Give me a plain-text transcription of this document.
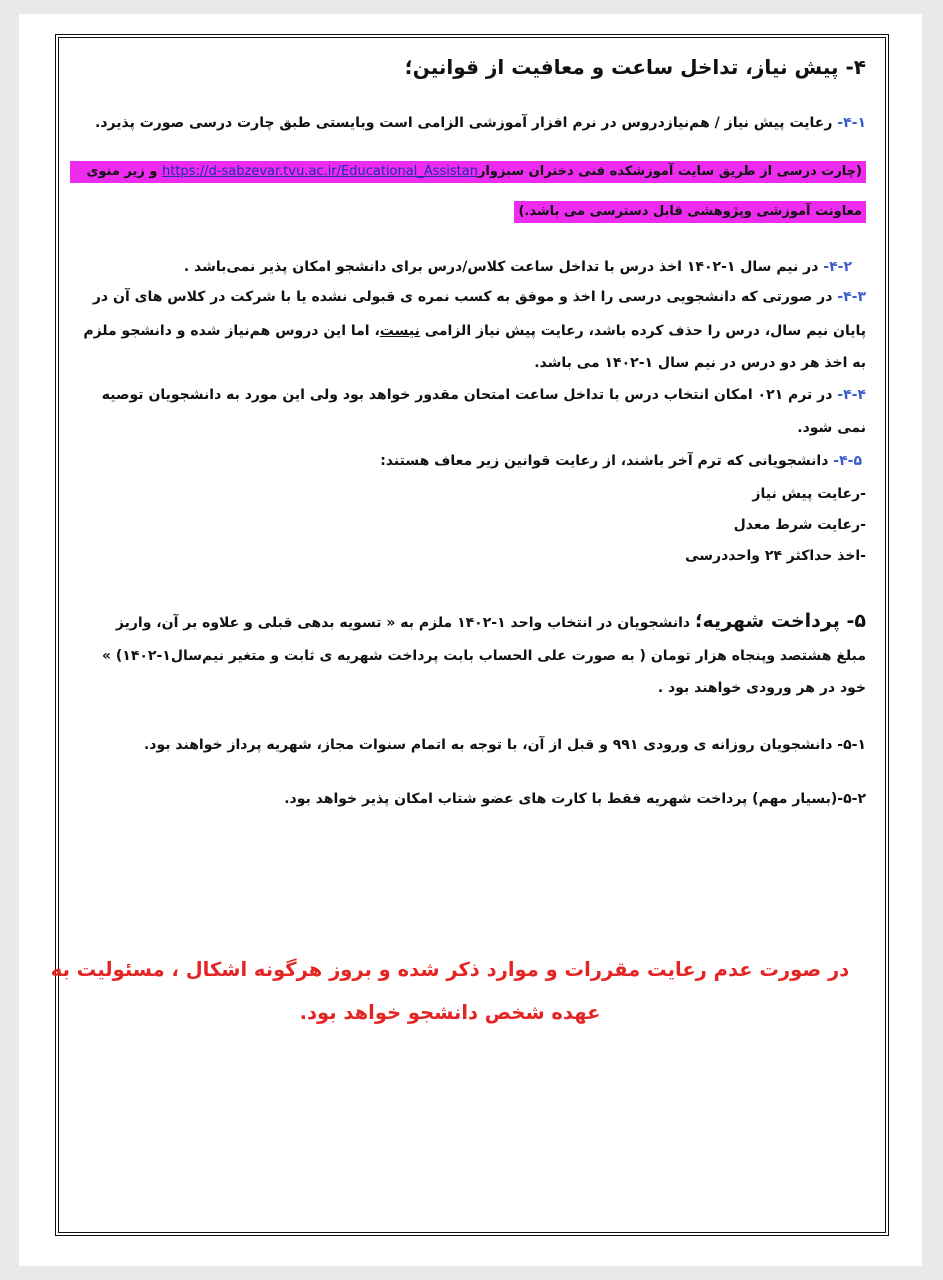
۴- پیش نیاز، تداخل ساعت و معافیت از قوانین؛
۴-۱- رعایت پیش نیاز / هم‌نیازدروس در نرم افزار آموزشی الزامی است وبایستی طبق چارت درسی صورت پذیرد.
(چارت درسی از طریق سایت آموزشکده فنی دختران سبزوارhttps://d-sabzevar.tvu.ac.ir/Educational_Assistan و زیر منوی
معاونت آموزشی وپژوهشی قابل دسترسی می باشد.)
۴-۲- در نیم سال ۱-۱۴۰۲ اخذ درس با تداخل ساعت کلاس/درس برای دانشجو امکان پذیر نمی‌باشد .
۴-۳- در صورتی که دانشجویی درسی را اخذ و موفق به کسب نمره ی قبولی نشده یا با شرکت در کلاس های آن در
پایان نیم سال، درس را حذف کرده باشد، رعایت پیش نیاز الزامی نیست، اما این دروس هم‌نیاز شده و دانشجو ملزم
به اخذ هر دو درس در نیم سال ۱-۱۴۰۲ می باشد.
۴-۴- در ترم ۰۲۱ امکان انتخاب درس با تداخل ساعت امتحان مقدور خواهد بود ولی این مورد به دانشجویان توصیه
نمی شود.
۴-۵- دانشجویانی که ترم آخر باشند، از رعایت قوانین زیر معاف هستند:
-رعایت پیش نیاز
-رعایت شرط معدل
-اخذ حداکثر ۲۴ واحددرسی
۵- پرداخت شهریه؛ دانشجویان در انتخاب واحد ۱-۱۴۰۲ ملزم به « تسویه بدهی قبلی و علاوه بر آن، واریز
مبلغ هشتصد وپنجاه هزار تومان ( به صورت علی الحساب بابت پرداخت شهریه ی ثابت و متغیر نیم‌سال۱-۱۴۰۲) »
خود در هر ورودی خواهند بود .
۵-۱- دانشجویان روزانه ی ورودی ۹۹۱ و قبل از آن، با توجه به اتمام سنوات مجاز، شهریه پرداز خواهند بود.
۵-۲-(بسیار مهم) پرداخت شهریه فقط با کارت های عضو شتاب امکان پذیر خواهد بود.
در صورت عدم رعایت مقررات و موارد ذکر شده و بروز هرگونه اشکال ، مسئولیت به
عهده شخص دانشجو خواهد بود.
